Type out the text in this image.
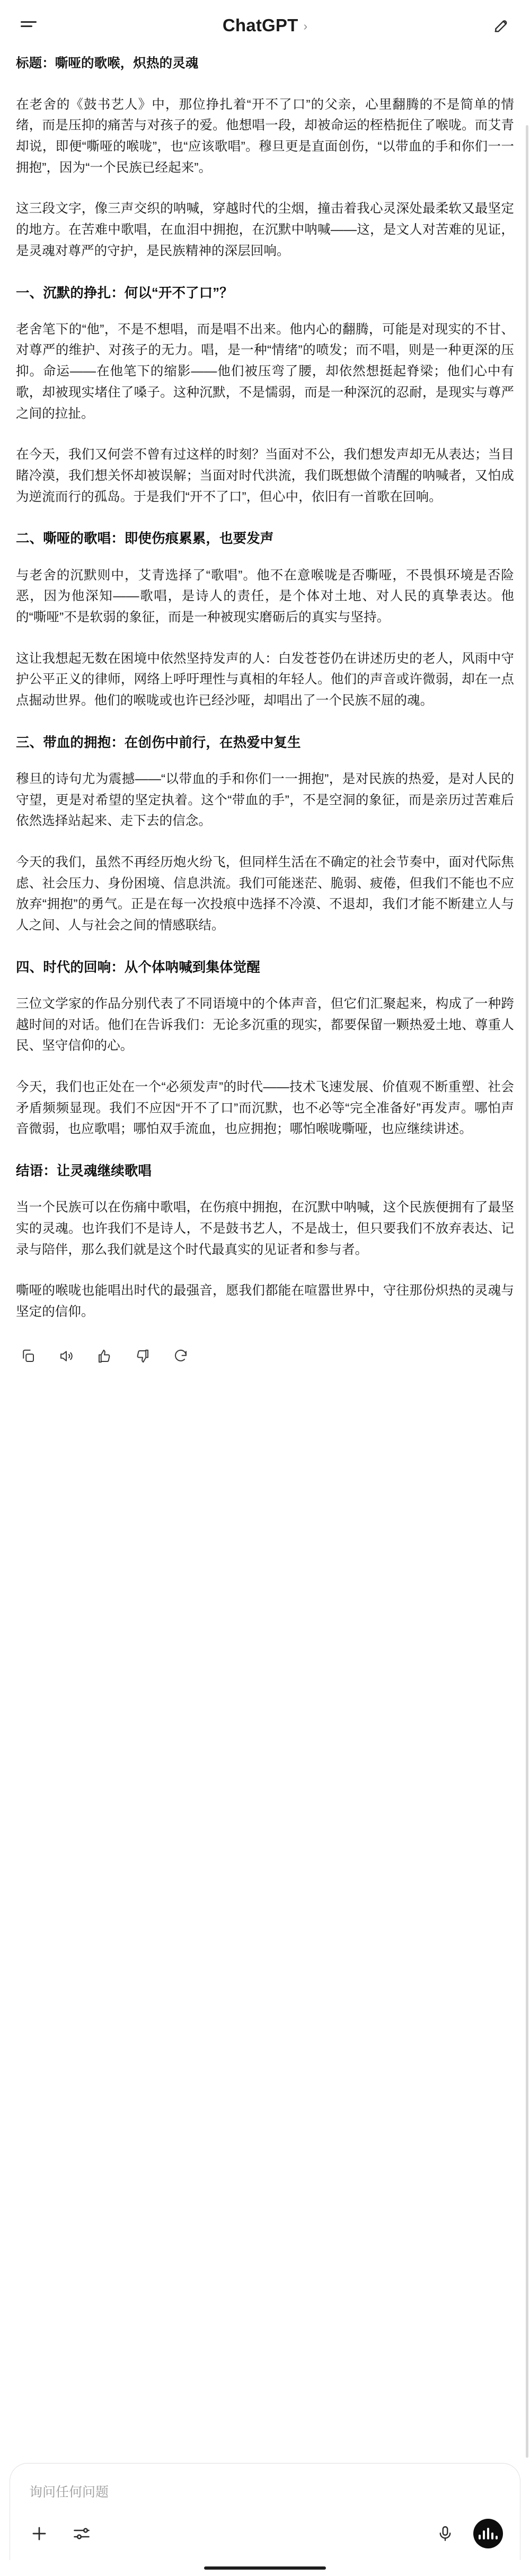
ChatGPT ›

标题：嘶哑的歌喉，炽热的灵魂

在老舍的《鼓书艺人》中，那位挣扎着“开不了口”的父亲，心里翻腾的不是简单的情绪，而是压抑的痛苦与对孩子的爱。他想唱一段，却被命运的桎梏扼住了喉咙。而艾青却说，即便“嘶哑的喉咙”，也“应该歌唱”。穆旦更是直面创伤，“以带血的手和你们一一拥抱”，因为“一个民族已经起来”。

这三段文字，像三声交织的呐喊，穿越时代的尘烟，撞击着我心灵深处最柔软又最坚定的地方。在苦难中歌唱，在血泪中拥抱，在沉默中呐喊——这，是文人对苦难的见证，是灵魂对尊严的守护，是民族精神的深层回响。

一、沉默的挣扎：何以“开不了口”？

老舍笔下的“他”，不是不想唱，而是唱不出来。他内心的翻腾，可能是对现实的不甘、对尊严的维护、对孩子的无力。唱，是一种“情绪”的喷发；而不唱，则是一种更深的压抑。命运——在他笔下的缩影——他们被压弯了腰，却依然想挺起脊梁；他们心中有歌，却被现实堵住了嗓子。这种沉默，不是懦弱，而是一种深沉的忍耐，是现实与尊严之间的拉扯。

在今天，我们又何尝不曾有过这样的时刻？当面对不公，我们想发声却无从表达；当目睹冷漠，我们想关怀却被误解；当面对时代洪流，我们既想做个清醒的呐喊者，又怕成为逆流而行的孤岛。于是我们“开不了口”，但心中，依旧有一首歌在回响。

二、嘶哑的歌唱：即使伤痕累累，也要发声

与老舍的沉默则中，艾青选择了“歌唱”。他不在意喉咙是否嘶哑，不畏惧环境是否险恶，因为他深知——歌唱，是诗人的责任，是个体对土地、对人民的真挚表达。他的“嘶哑”不是软弱的象征，而是一种被现实磨砺后的真实与坚持。

这让我想起无数在困境中依然坚持发声的人：白发苍苍仍在讲述历史的老人，风雨中守护公平正义的律师，网络上呼吁理性与真相的年轻人。他们的声音或许微弱，却在一点点掘动世界。他们的喉咙或也许已经沙哑，却唱出了一个民族不屈的魂。

三、带血的拥抱：在创伤中前行，在热爱中复生

穆旦的诗句尤为震撼——“以带血的手和你们一一拥抱”，是对民族的热爱，是对人民的守望，更是对希望的坚定执着。这个“带血的手”，不是空洞的象征，而是亲历过苦难后依然选择站起来、走下去的信念。

今天的我们，虽然不再经历炮火纷飞，但同样生活在不确定的社会节奏中，面对代际焦虑、社会压力、身份困境、信息洪流。我们可能迷茫、脆弱、疲倦，但我们不能也不应放弃“拥抱”的勇气。正是在每一次投痕中选择不冷漠、不退却，我们才能不断建立人与人之间、人与社会之间的情感联结。

四、时代的回响：从个体呐喊到集体觉醒

三位文学家的作品分别代表了不同语境中的个体声音，但它们汇聚起来，构成了一种跨越时间的对话。他们在告诉我们：无论多沉重的现实，都要保留一颗热爱土地、尊重人民、坚守信仰的心。

今天，我们也正处在一个“必须发声”的时代——技术飞速发展、价值观不断重塑、社会矛盾频频显现。我们不应因“开不了口”而沉默，也不必等“完全准备好”再发声。哪怕声音微弱，也应歌唱；哪怕双手流血，也应拥抱；哪怕喉咙嘶哑，也应继续讲述。

结语：让灵魂继续歌唱

当一个民族可以在伤痛中歌唱，在伤痕中拥抱，在沉默中呐喊，这个民族便拥有了最坚实的灵魂。也许我们不是诗人，不是鼓书艺人，不是战士，但只要我们不放弃表达、记录与陪伴，那么我们就是这个时代最真实的见证者和参与者。

嘶哑的喉咙也能唱出时代的最强音，愿我们都能在喧嚣世界中，守往那份炽热的灵魂与坚定的信仰。

询问任何问题
